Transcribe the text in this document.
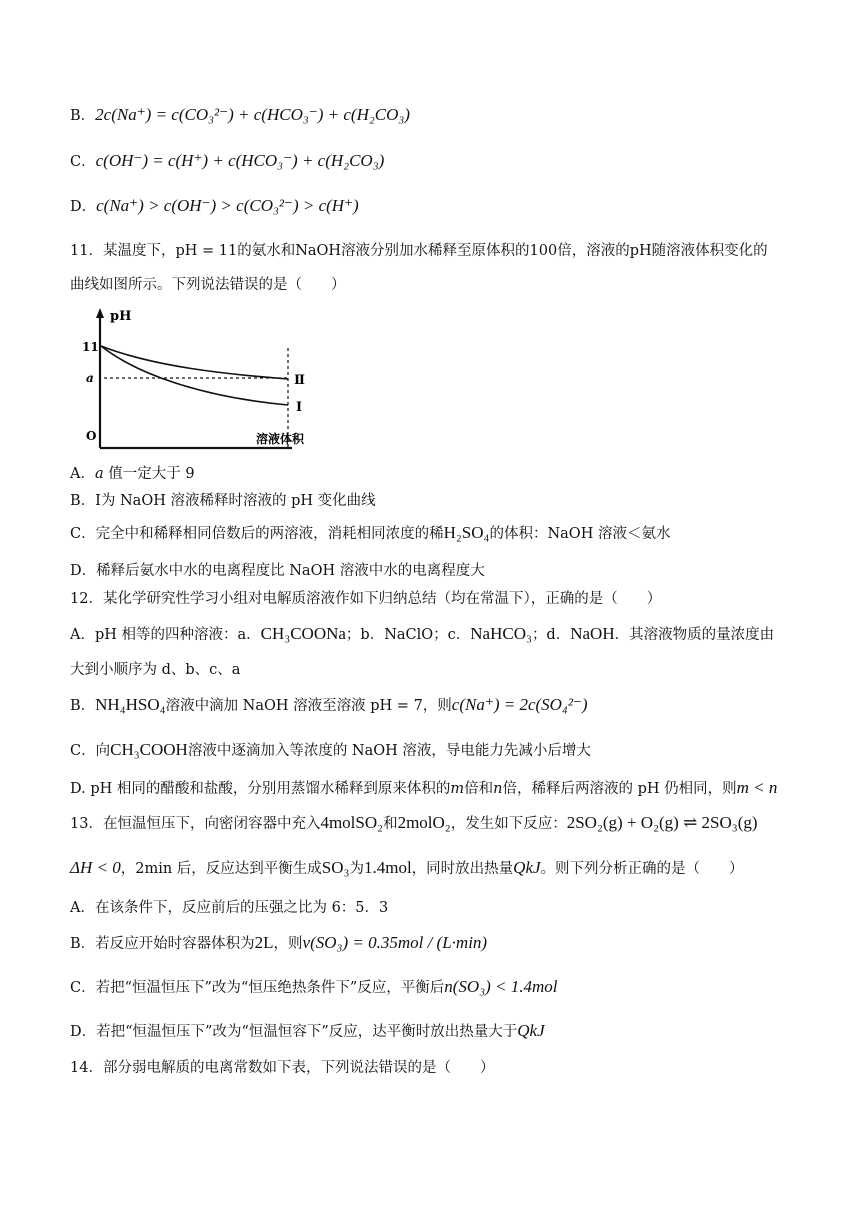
B．2c(Na⁺) = c(CO₃²⁻) + c(HCO₃⁻) + c(H₂CO₃)
C．c(OH⁻) = c(H⁺) + c(HCO₃⁻) + c(H₂CO₃)
D．c(Na⁺) > c(OH⁻) > c(CO₃²⁻) > c(H⁺)
11．某温度下，pH = 11的氨水和NaOH溶液分别加水稀释至原体积的100倍，溶液的pH随溶液体积变化的
曲线如图所示。下列说法错误的是（　　）
pH
11
a
O	溶液体积
Ⅱ
Ⅰ
A．a 值一定大于 9
B．Ⅰ为 NaOH 溶液稀释时溶液的 pH 变化曲线
C．完全中和稀释相同倍数后的两溶液，消耗相同浓度的稀H₂SO₄的体积：NaOH 溶液＜氨水
D．稀释后氨水中水的电离程度比 NaOH 溶液中水的电离程度大
12．某化学研究性学习小组对电解质溶液作如下归纳总结（均在常温下），正确的是（　　）
A．pH 相等的四种溶液：a．CH₃COONa；b．NaClO；c．NaHCO₃；d．NaOH．其溶液物质的量浓度由
大到小顺序为 d、b、c、a
B．NH₄HSO₄溶液中滴加 NaOH 溶液至溶液 pH = 7，则c(Na⁺) = 2c(SO₄²⁻)
C．向CH₃COOH溶液中逐滴加入等浓度的 NaOH 溶液，导电能力先减小后增大
D. pH 相同的醋酸和盐酸，分别用蒸馏水稀释到原来体积的m倍和n倍，稀释后两溶液的 pH 仍相同，则m < n
13．在恒温恒压下，向密闭容器中充入4molSO₂和2molO₂，发生如下反应：2SO₂(g) + O₂(g) ⇌ 2SO₃(g)
ΔH < 0，2min 后，反应达到平衡生成SO₃为1.4mol，同时放出热量QkJ。则下列分析正确的是（　　）
A．在该条件下，反应前后的压强之比为 6：5．3
B．若反应开始时容器体积为2L，则v(SO₃) = 0.35mol / (L·min)
C．若把“恒温恒压下”改为“恒压绝热条件下”反应，平衡后n(SO₃) < 1.4mol
D．若把“恒温恒压下”改为“恒温恒容下”反应，达平衡时放出热量大于QkJ
14．部分弱电解质的电离常数如下表，下列说法错误的是（　　）
